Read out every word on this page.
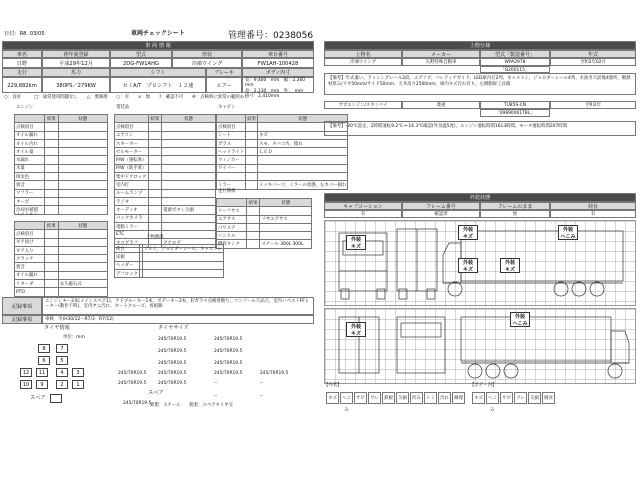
日付：R8. 03/05	車両チェックシート	管理番号：0238056
車 両 情 報
車名	初年度登録	型式	形状	車台番号
日野	平成29年12月	2DG-FW1AHG	冷凍ウイング	FW1AH-100428
走行	馬力	シフト	ブレーキ	ボディ内寸
229,882km	380PS／279KW	セミA/T　プロシフト　１２速	エアー
長：9,400　mm　幅：2,360　mm
高：2,130　mm　外：　mm　内寸：2,410mm
○：良好　　　□：通常使用問題なし　　△：要修理　　○：有　　×：無　　?：確認不可　　※：点検時に異常の範囲あり
エンジン
	結果	状態
点検項目		
オイル漏れ		
オイル汚れ		
オイル量		
水漏れ		
水量		
排気色		
異音		
マフラー		
ターボ		
冷却水循環		
電装品
	結果	状態
点検項目		
エアコン		
スターター		
セルモーター		
P/W（運転席）		
P/W（助手席）		
集中ドアロック		
室内灯		
ルームランプ		
ラジオ		
オーディオ		電源ボタン欠損
バックカメラ		
電動ミラー		
ETC		
タコグラフ		アナログ
キャビン
	結果	状態
点検項目		
シート		キズ
ガラス		スモ、タバコ汚、擦れ
ヘッドライト		ＬＥＤ
ウィンカー		
ワイパー		

ミラー		メッキパーツ、ミラーの状態、左カバー損れ
走行関係
	結果	状態
リーフサス		
エアサス		リヤエアサス
パワステ		
ハンドル		
燃料タンク		スチール 300L 300L
ミッション
	結果	状態
点検項目		
ギア抜け		
ギア入り		
クラッチ		
異音		
オイル漏れ		
リターダ		永久磁石式
PTO		
上物関係
荷台		アルミ、ジョロダーレール、キャストン
床板		
ヘッダー		
デフロック		
記録事項
エンジンキー2本(メインスペア1)、アドブルーキー1本、ボデーキー2本、F/ガラス点検各数り、コンソール穴品穴、室内ハベストFFヒーター(動作不明)、室内ヤニ汚れ、オートクルーズ、看板跡
記録事項	車検　令(H30/12〜R7/3　R7/12)
タイヤ情報
単位：mm
8	7
6	5
12	11	4	3
10	9	2	1
スペア
タイヤサイズ
245/70R19.5	245/70R19.5
245/70R19.5	245/70R19.5
245/70R19.5	245/70R19.5
245/70R19.5	245/70R19.5	245/70R19.5	245/70R19.5
245/70R19.5	245/70R19.5	--	--
--	--
スペア
245/70R19.5
鉄製：スチール　　脱着：スペアタイヤ交
上物仕様
上物名	メーカー	型式「製造番号」	年式
冷凍ウイング	矢野特殊自動車	WPA2978	令和2年02月
「B200115」
【備考】年式違い、ラッシングレール2段、エアリブ、パレティナガイド、LED庫内灯2列、キャストン、ジョロダーレール4列、水抜き穴前後4箇所、断熱材厚み/リヤ50mm/サイド50mm、天井高さ2500mm、庫内キズ汚れ有り、左側側扉工具箱
サブエンジン/スタンバイ	菱重	TU85S-CN	令和2年
「0989​0001TBL」
【備考】-30℃設定、2時間運転9.2℃→-14.3℃確認(外気温5度)、エンジン運転時間1613時間、モータ運転時間207時間
外装状態
キャブコーション	フレーム番号	フレームのまま	荷台
有	確認済	無	有
外装
キズ
外装
キズ
外装
へこみ
外装
キズ
外装
キズ
外装
キズ
外装
へこみ
【外装】	【ボデー内】
キズ	へこみ
サビ	ワレ	鉄板	欠損	凹み	シミ	汚れ	修理	キズ	へこみ
サビ	ワレ	欠損	腐食
